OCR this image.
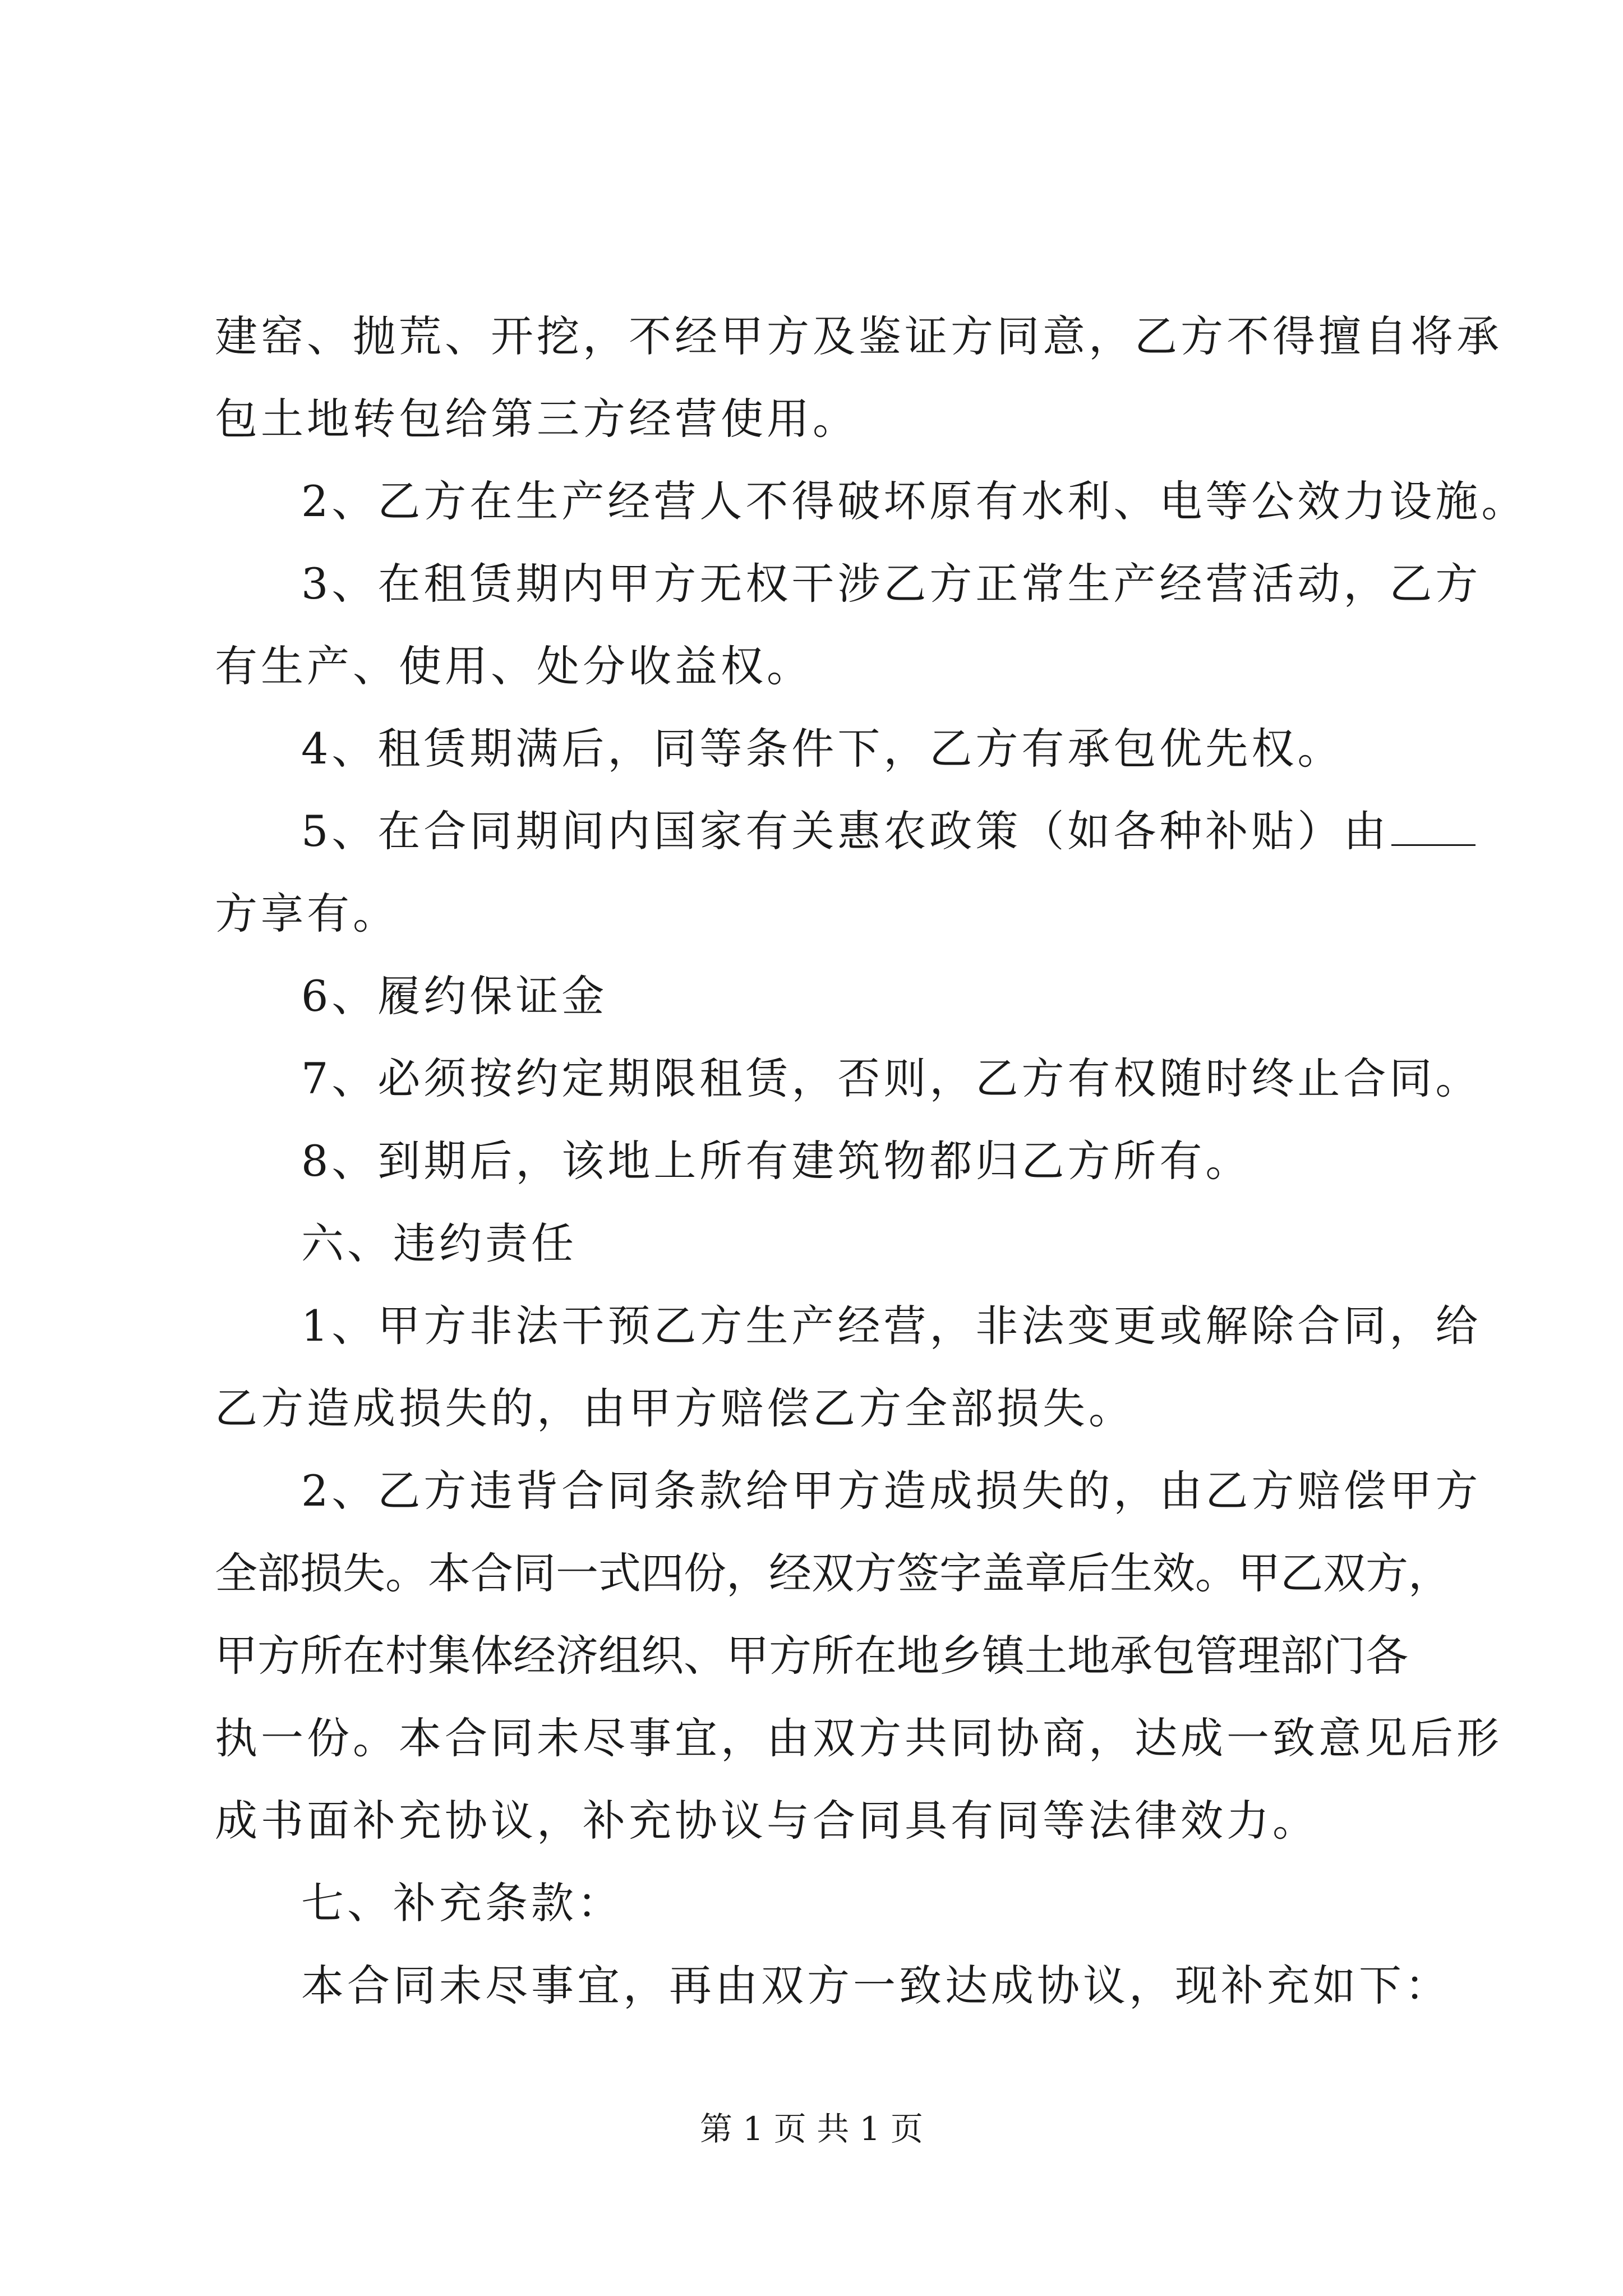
建窑、抛荒、开挖，不经甲方及鉴证方同意，乙方不得擅自将承
包土地转包给第三方经营使用。
2、乙方在生产经营人不得破坏原有水利、电等公效力设施。
3、在租赁期内甲方无权干涉乙方正常生产经营活动，乙方
有生产、使用、处分收益权。
4、租赁期满后，同等条件下，乙方有承包优先权。
5、在合同期间内国家有关惠农政策（如各种补贴）由
方享有。
6、履约保证金
7、必须按约定期限租赁，否则，乙方有权随时终止合同。
8、到期后，该地上所有建筑物都归乙方所有。
六、违约责任
1、甲方非法干预乙方生产经营，非法变更或解除合同，给
乙方造成损失的，由甲方赔偿乙方全部损失。
2、乙方违背合同条款给甲方造成损失的，由乙方赔偿甲方
全部损失。本合同一式四份，经双方签字盖章后生效。甲乙双方，
甲方所在村集体经济组织、甲方所在地乡镇土地承包管理部门各
执一份。本合同未尽事宜，由双方共同协商，达成一致意见后形
成书面补充协议，补充协议与合同具有同等法律效力。
七、补充条款：
本合同未尽事宜，再由双方一致达成协议，现补充如下：
第 1 页 共 1 页
